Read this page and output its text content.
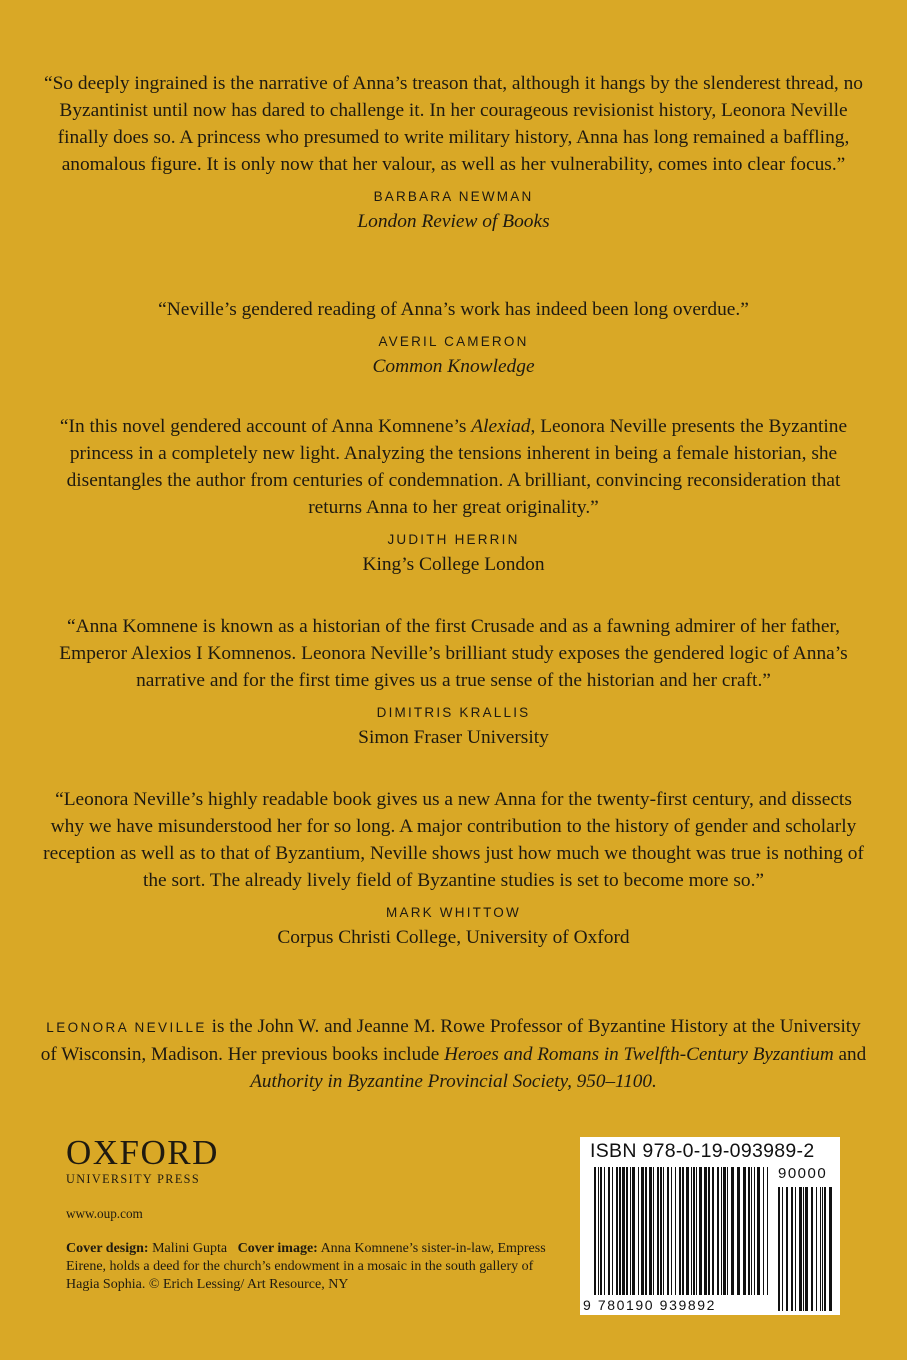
“So deeply ingrained is the narrative of Anna’s treason that, although it hangs by the slenderest thread, no Byzantinist until now has dared to challenge it. In her courageous revisionist history, Leonora Neville finally does so. A princess who presumed to write military history, Anna has long remained a baffling, anomalous figure. It is only now that her valour, as well as her vulnerability, comes into clear focus.”

BARBARA NEWMAN
London Review of Books

“Neville’s gendered reading of Anna’s work has indeed been long overdue.”

AVERIL CAMERON
Common Knowledge

“In this novel gendered account of Anna Komnene’s Alexiad, Leonora Neville presents the Byzantine princess in a completely new light. Analyzing the tensions inherent in being a female historian, she disentangles the author from centuries of condemnation. A brilliant, convincing reconsideration that returns Anna to her great originality.”

JUDITH HERRIN
King’s College London

“Anna Komnene is known as a historian of the first Crusade and as a fawning admirer of her father, Emperor Alexios I Komnenos. Leonora Neville’s brilliant study exposes the gendered logic of Anna’s narrative and for the first time gives us a true sense of the historian and her craft.”

DIMITRIS KRALLIS
Simon Fraser University

“Leonora Neville’s highly readable book gives us a new Anna for the twenty-first century, and dissects why we have misunderstood her for so long. A major contribution to the history of gender and scholarly reception as well as to that of Byzantium, Neville shows just how much we thought was true is nothing of the sort. The already lively field of Byzantine studies is set to become more so.”

MARK WHITTOW
Corpus Christi College, University of Oxford
LEONORA NEVILLE is the John W. and Jeanne M. Rowe Professor of Byzantine History at the University of Wisconsin, Madison. Her previous books include Heroes and Romans in Twelfth-Century Byzantium and Authority in Byzantine Provincial Society, 950–1100.
OXFORD
UNIVERSITY PRESS
www.oup.com
Cover design: Malini Gupta Cover image: Anna Komnene’s sister-in-law, Empress Eirene, holds a deed for the church’s endowment in a mosaic in the south gallery of Hagia Sophia. © Erich Lessing/ Art Resource, NY
ISBN 978-0-19-093989-2
90000
9 780190 939892
